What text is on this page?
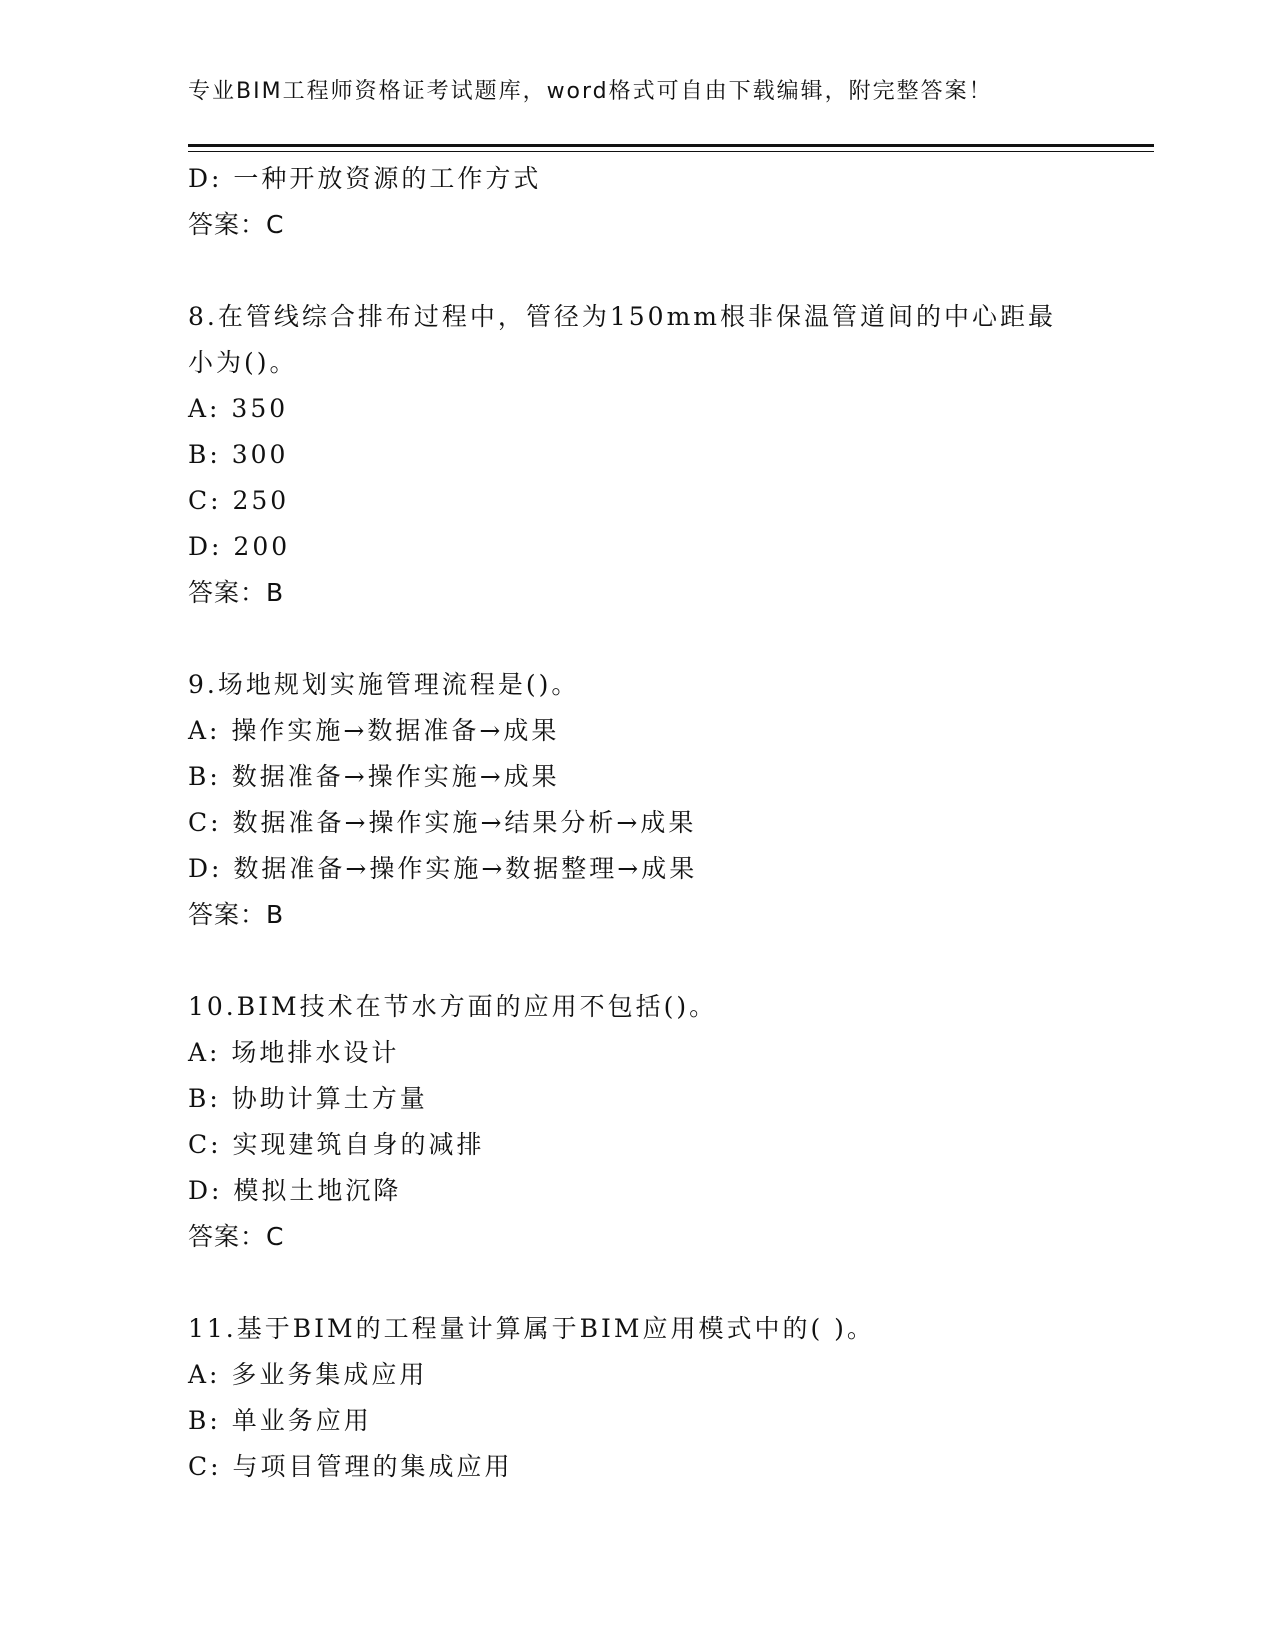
专业BIM工程师资格证考试题库，word格式可自由下载编辑，附完整答案！
D: 一种开放资源的工作方式
答案：C
8.在管线综合排布过程中，管径为150mm根非保温管道间的中心距最
小为()。
A: 350
B: 300
C: 250
D: 200
答案：B
9.场地规划实施管理流程是()。
A: 操作实施→数据准备→成果
B: 数据准备→操作实施→成果
C: 数据准备→操作实施→结果分析→成果
D: 数据准备→操作实施→数据整理→成果
答案：B
10.BIM技术在节水方面的应用不包括()。
A: 场地排水设计
B: 协助计算土方量
C: 实现建筑自身的减排
D: 模拟土地沉降
答案：C
11.基于BIM的工程量计算属于BIM应用模式中的( )。
A: 多业务集成应用
B: 单业务应用
C: 与项目管理的集成应用
